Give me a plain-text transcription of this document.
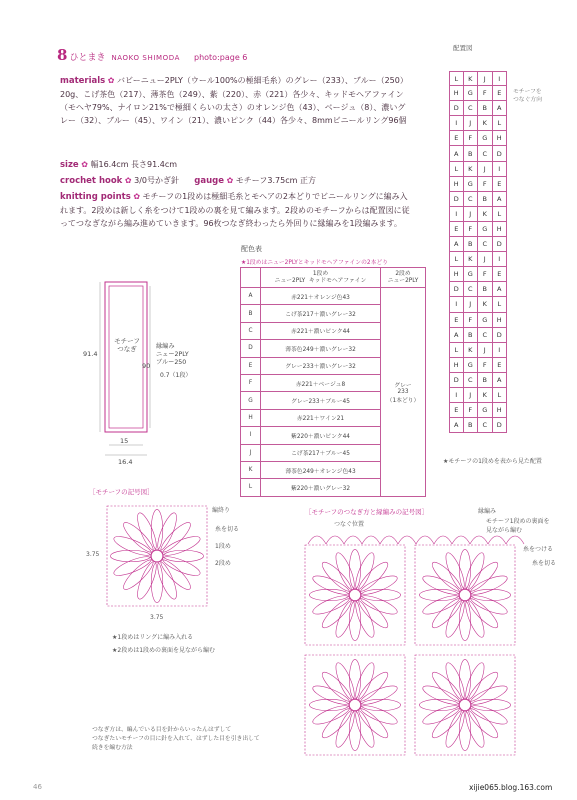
8 ひとまき NAOKO SHIMODA photo:page 6
materials ✿ バビーニュー2PLY（ウール100%の極細毛糸）のグレー（233）、ブルー（250）20g、こげ茶色（217）、薄茶色（249）、紫（220）、赤（221）各少々、キッドモヘアファイン（モヘヤ79%、ナイロン21%で極細くらいの太さ）のオレンジ色（43）、ベージュ（8）、濃いグレー（32）、ブルー（45）、ワイン（21）、濃いピンク（44）各少々、8mmビニールリング96個
size ✿ 幅16.4cm 長さ91.4cm
crochet hook ✿ 3/0号かぎ針 gauge ✿ モチーフ3.75cm 正方
knitting points ✿ モチーフの1段めは極細毛糸とモヘアの2本どりでビニールリングに編み入れます。2段めは新しく糸をつけて1段めの裏を見て編みます。2段めのモチーフからは配置図に従ってつなぎながら編み進めていきます。96枚つなぎ終わったら外回りに縁編みを1段編みます。
モチーフ
つなぎ	縁編み
ニュー2PLY
ブルー250
0.7（1段）
91.4
90
15
16.4
配置図
モチーフを
つなぐ方向
L	K	J	I
H	G	F	E
D	C	B	A
I	J	K	L
E	F	G	H
A	B	C	D
L	K	J	I
H	G	F	E
D	C	B	A
I	J	K	L
E	F	G	H
A	B	C	D
L	K	J	I
H	G	F	E
D	C	B	A
I	J	K	L
E	F	G	H
A	B	C	D
L	K	J	I
H	G	F	E
D	C	B	A
I	J	K	L
E	F	G	H
A	B	C	D
★モチーフの1段めを表から見た配置
配色表
★1段めはニュー2PLYとキッドモヘアファインの2本どり
	1段め
ニュー2PLY  キッドモヘアファイン	2段め
ニュー2PLY
A	赤221＋オレンジ色43	グレー
233
（1本どり）
B	こげ茶217＋濃いグレー32	
C	赤221＋濃いピンク44	
D	薄茶色249＋濃いグレー32	
E	グレー233＋濃いグレー32	
F	赤221＋ベージュ8	
G	グレー233＋ブルー45	
H	赤221＋ワイン21	
I	紫220＋濃いピンク44	
J	こげ茶217＋ブルー45	
K	薄茶色249＋オレンジ色43	
L	紫220＋濃いグレー32	
［モチーフの記号図］
編終り
糸を切る
1段め
2段め
3.75
3.75
★1段めはリングに編み入れる
★2段めは1段めの裏面を見ながら編む
［モチーフのつなぎ方と縁編みの記号図］
つなぐ位置
縁編み
モチーフ1段めの裏面を
見ながら編む
糸をつける
糸を切る
つなぎ方は、編んでいる目を針からいったんはずして
つなぎたいモチーフの目に針を入れて、はずした目を引き出して
続きを編む方法
46	xijie065.blog.163.com
